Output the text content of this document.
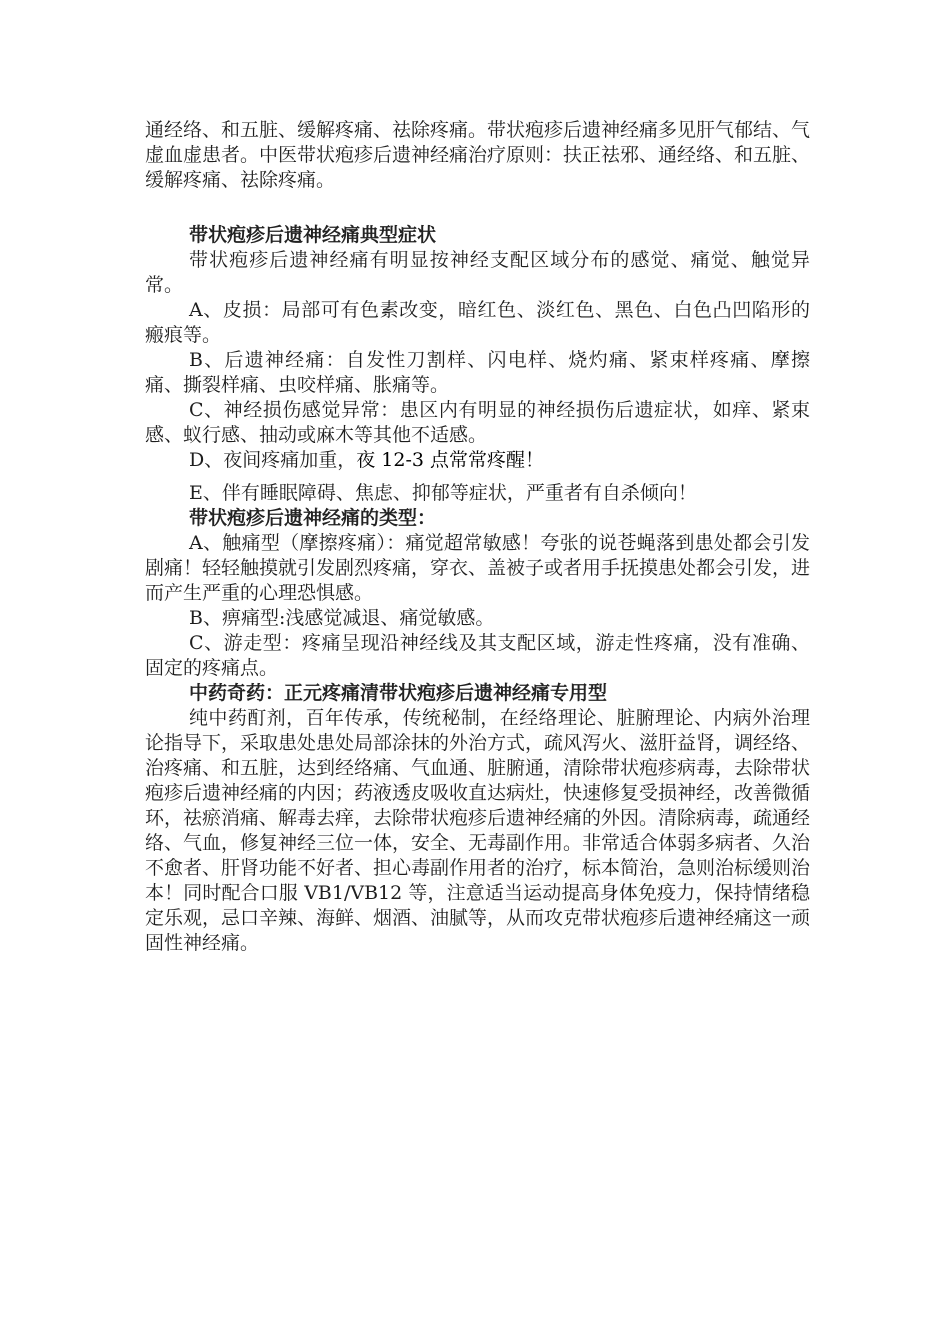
通经络、和五脏、缓解疼痛、祛除疼痛。带状疱疹后遗神经痛多见肝气郁结、气虚血虚患者。中医带状疱疹后遗神经痛治疗原则：扶正祛邪、通经络、和五脏、缓解疼痛、祛除疼痛。

带状疱疹后遗神经痛典型症状

带状疱疹后遗神经痛有明显按神经支配区域分布的感觉、痛觉、触觉异常。

A、皮损：局部可有色素改变，暗红色、淡红色、黑色、白色凸凹陷形的瘢痕等。

B、后遗神经痛：自发性刀割样、闪电样、烧灼痛、紧束样疼痛、摩擦痛、撕裂样痛、虫咬样痛、胀痛等。

C、神经损伤感觉异常：患区内有明显的神经损伤后遗症状，如痒、紧束感、蚁行感、抽动或麻木等其他不适感。

D、夜间疼痛加重，夜 12-3 点常常疼醒！

E、伴有睡眠障碍、焦虑、抑郁等症状，严重者有自杀倾向！

带状疱疹后遗神经痛的类型：

A、触痛型（摩擦疼痛）：痛觉超常敏感！夸张的说苍蝇落到患处都会引发剧痛！轻轻触摸就引发剧烈疼痛，穿衣、盖被子或者用手抚摸患处都会引发，进而产生严重的心理恐惧感。

B、痹痛型:浅感觉减退、痛觉敏感。

C、游走型：疼痛呈现沿神经线及其支配区域，游走性疼痛，没有准确、固定的疼痛点。

中药奇药：正元疼痛清带状疱疹后遗神经痛专用型

纯中药酊剂，百年传承，传统秘制，在经络理论、脏腑理论、内病外治理论指导下，采取患处患处局部涂抹的外治方式，疏风泻火、滋肝益肾，调经络、治疼痛、和五脏，达到经络痛、气血通、脏腑通，清除带状疱疹病毒，去除带状疱疹后遗神经痛的内因；药液透皮吸收直达病灶，快速修复受损神经，改善微循环，祛瘀消痛、解毒去痒，去除带状疱疹后遗神经痛的外因。清除病毒，疏通经络、气血，修复神经三位一体，安全、无毒副作用。非常适合体弱多病者、久治不愈者、肝肾功能不好者、担心毒副作用者的治疗，标本简治，急则治标缓则治本！同时配合口服 VB1/VB12 等，注意适当运动提高身体免疫力，保持情绪稳定乐观，忌口辛辣、海鲜、烟酒、油腻等，从而攻克带状疱疹后遗神经痛这一顽固性神经痛。
